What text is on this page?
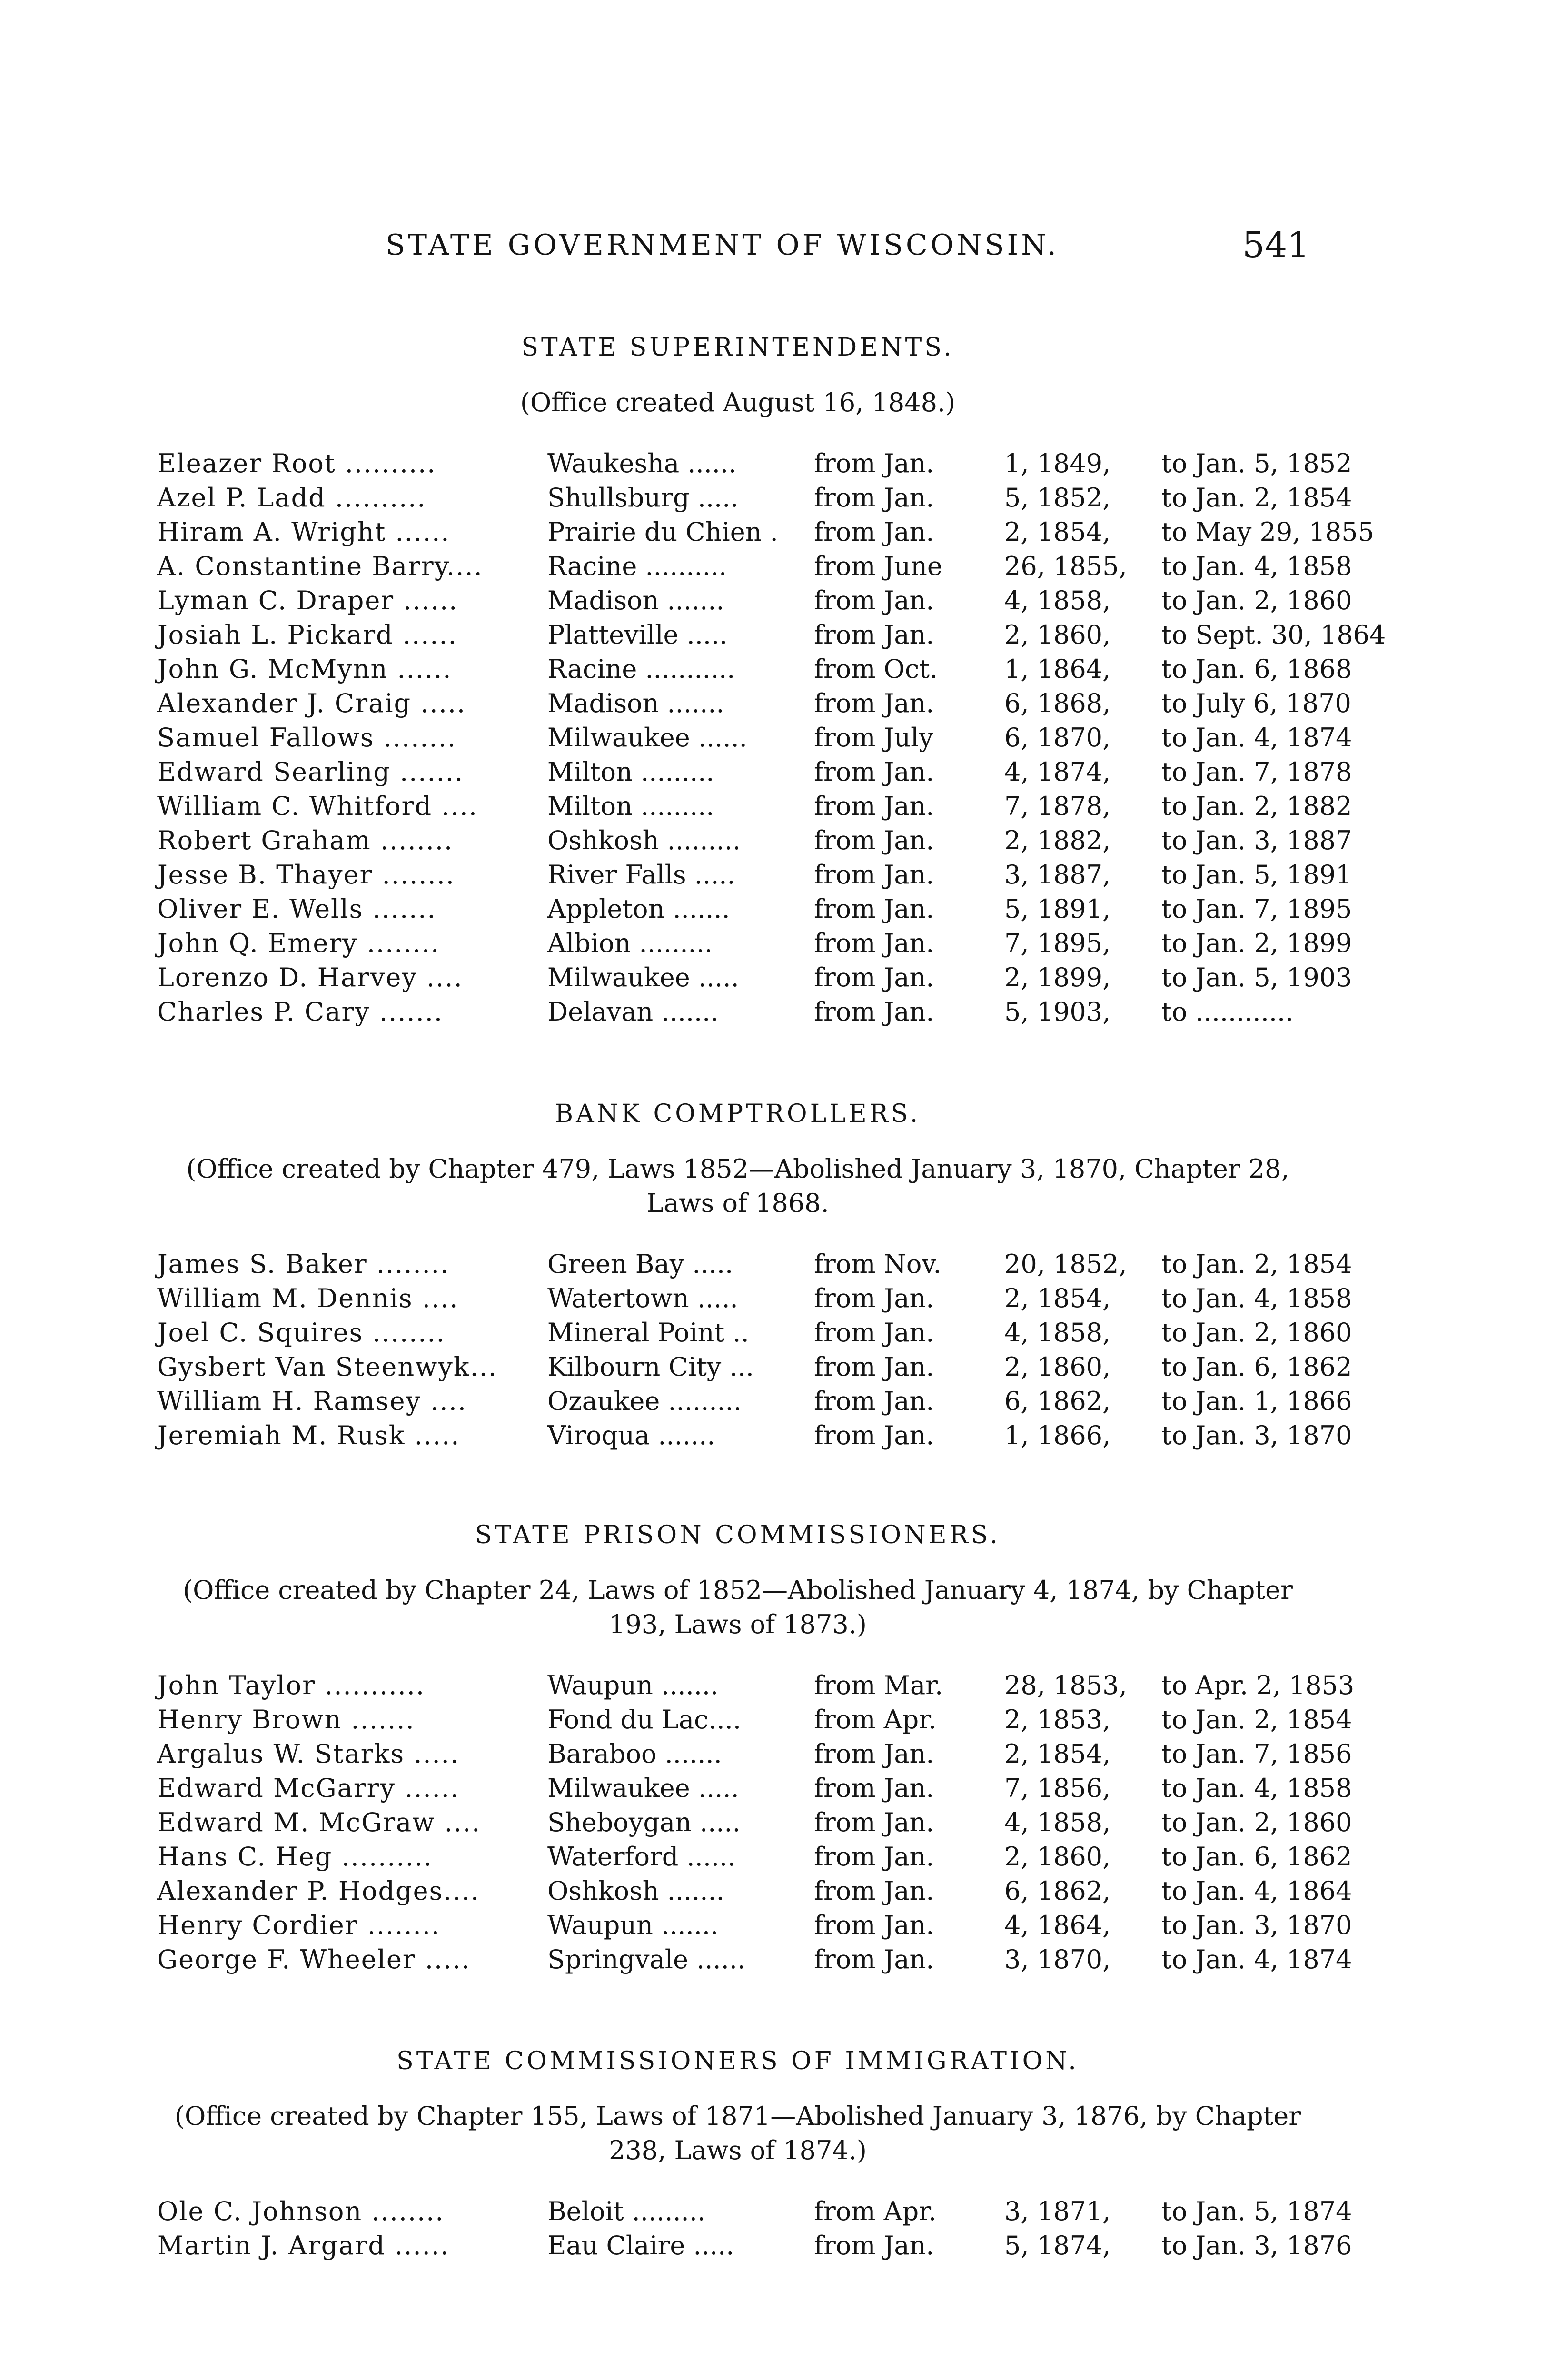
STATE GOVERNMENT OF WISCONSIN.	541
STATE SUPERINTENDENTS.
(Office created August 16, 1848.)
Eleazer Root ..........	Waukesha ......	from Jan.	1, 1849,	to Jan. 5, 1852
Azel P. Ladd ..........	Shullsburg .....	from Jan.	5, 1852,	to Jan. 2, 1854
Hiram A. Wright ......	Prairie du Chien .	from Jan.	2, 1854,	to May 29, 1855
A. Constantine Barry....	Racine ..........	from June	26, 1855,	to Jan. 4, 1858
Lyman C. Draper ......	Madison .......	from Jan.	4, 1858,	to Jan. 2, 1860
Josiah L. Pickard ......	Platteville .....	from Jan.	2, 1860,	to Sept. 30, 1864
John G. McMynn ......	Racine ...........	from Oct.	1, 1864,	to Jan. 6, 1868
Alexander J. Craig .....	Madison .......	from Jan.	6, 1868,	to July 6, 1870
Samuel Fallows ........	Milwaukee ......	from July	6, 1870,	to Jan. 4, 1874
Edward Searling .......	Milton .........	from Jan.	4, 1874,	to Jan. 7, 1878
William C. Whitford ....	Milton .........	from Jan.	7, 1878,	to Jan. 2, 1882
Robert Graham ........	Oshkosh .........	from Jan.	2, 1882,	to Jan. 3, 1887
Jesse B. Thayer ........	River Falls .....	from Jan.	3, 1887,	to Jan. 5, 1891
Oliver E. Wells .......	Appleton .......	from Jan.	5, 1891,	to Jan. 7, 1895
John Q. Emery ........	Albion .........	from Jan.	7, 1895,	to Jan. 2, 1899
Lorenzo D. Harvey ....	Milwaukee .....	from Jan.	2, 1899,	to Jan. 5, 1903
Charles P. Cary .......	Delavan .......	from Jan.	5, 1903,	to ............
BANK COMPTROLLERS.
(Office created by Chapter 479, Laws 1852—Abolished January 3, 1870, Chapter 28, Laws of 1868.
James S. Baker ........	Green Bay .....	from Nov.	20, 1852,	to Jan. 2, 1854
William M. Dennis ....	Watertown .....	from Jan.	2, 1854,	to Jan. 4, 1858
Joel C. Squires ........	Mineral Point ..	from Jan.	4, 1858,	to Jan. 2, 1860
Gysbert Van Steenwyk...	Kilbourn City ...	from Jan.	2, 1860,	to Jan. 6, 1862
William H. Ramsey ....	Ozaukee .........	from Jan.	6, 1862,	to Jan. 1, 1866
Jeremiah M. Rusk .....	Viroqua .......	from Jan.	1, 1866,	to Jan. 3, 1870
STATE PRISON COMMISSIONERS.
(Office created by Chapter 24, Laws of 1852—Abolished January 4, 1874, by Chapter 193, Laws of 1873.)
John Taylor ...........	Waupun .......	from Mar.	28, 1853,	to Apr. 2, 1853
Henry Brown .......	Fond du Lac....	from Apr.	2, 1853,	to Jan. 2, 1854
Argalus W. Starks .....	Baraboo .......	from Jan.	2, 1854,	to Jan. 7, 1856
Edward McGarry ......	Milwaukee .....	from Jan.	7, 1856,	to Jan. 4, 1858
Edward M. McGraw ....	Sheboygan .....	from Jan.	4, 1858,	to Jan. 2, 1860
Hans C. Heg ..........	Waterford ......	from Jan.	2, 1860,	to Jan. 6, 1862
Alexander P. Hodges....	Oshkosh .......	from Jan.	6, 1862,	to Jan. 4, 1864
Henry Cordier ........	Waupun .......	from Jan.	4, 1864,	to Jan. 3, 1870
George F. Wheeler .....	Springvale ......	from Jan.	3, 1870,	to Jan. 4, 1874
STATE COMMISSIONERS OF IMMIGRATION.
(Office created by Chapter 155, Laws of 1871—Abolished January 3, 1876, by Chapter 238, Laws of 1874.)
Ole C. Johnson ........	Beloit .........	from Apr.	3, 1871,	to Jan. 5, 1874
Martin J. Argard ......	Eau Claire .....	from Jan.	5, 1874,	to Jan. 3, 1876
